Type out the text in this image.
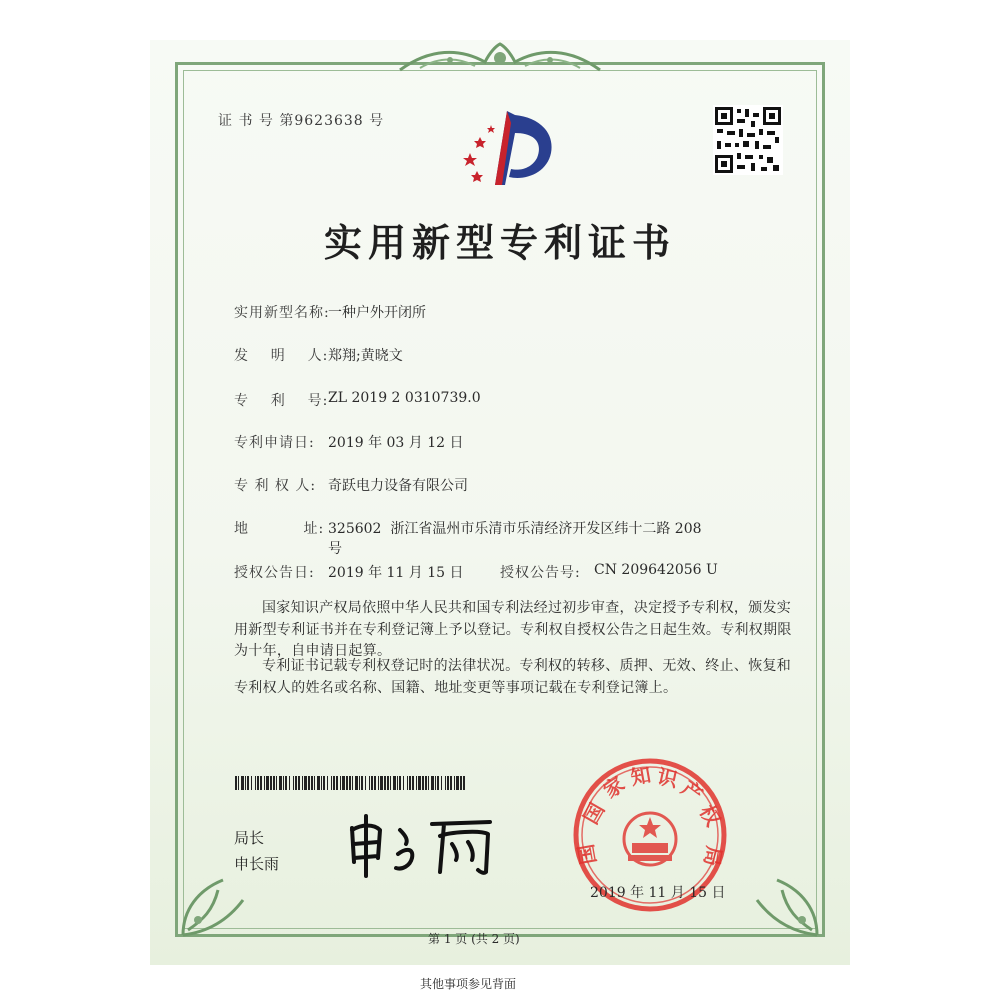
证 书 号 第9623638 号
实用新型专利证书
实用新型名称:
一种户外开闭所
发    明    人: 郑翔;黄晓文
专    利    号: ZL 2019 2 0310739.0
专利申请日: 2019 年 03 月 12 日
专 利 权 人: 奇跃电力设备有限公司
地          址: 325602  浙江省温州市乐清市乐清经济开发区纬十二路 208
号
授权公告日: 2019 年 11 月 15 日	授权公告号: CN 209642056 U
国家知识产权局依照中华人民共和国专利法经过初步审查，决定授予专利权，颁发实用新型专利证书并在专利登记簿上予以登记。专利权自授权公告之日起生效。专利权期限为十年，自申请日起算。
专利证书记载专利权登记时的法律状况。专利权的转移、质押、无效、终止、恢复和专利权人的姓名或名称、国籍、地址变更等事项记载在专利登记簿上。
局长
申长雨
国
家 知 识
产
权
局
国
2019 年 11 月 15 日
第 1 页 (共 2 页)
其他事项参见背面
